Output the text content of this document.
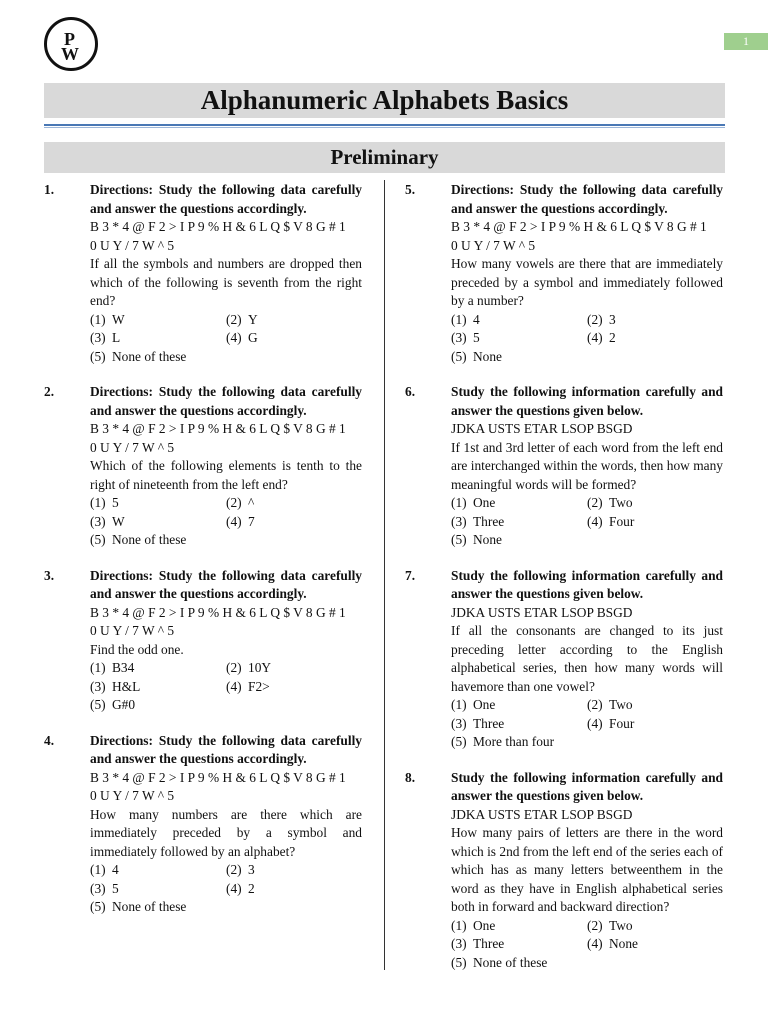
P
W
1
Alphanumeric Alphabets Basics
Preliminary
1.	Directions: Study the following data carefully and answer the questions accordingly.
B 3 * 4 @ F 2 > I P 9 % H & 6 L Q $ V 8 G # 1
0 U Y / 7 W ^ 5
If all the symbols and numbers are dropped then which of the following is seventh from the right end?
(1) W	(2) Y
(3) L	(4) G
(5) None of these
2.	Directions: Study the following data carefully and answer the questions accordingly.
B 3 * 4 @ F 2 > I P 9 % H & 6 L Q $ V 8 G # 1
0 U Y / 7 W ^ 5
Which of the following elements is tenth to the right of nineteenth from the left end?
(1) 5	(2) ^
(3) W	(4) 7
(5) None of these
3.	Directions: Study the following data carefully and answer the questions accordingly.
B 3 * 4 @ F 2 > I P 9 % H & 6 L Q $ V 8 G # 1
0 U Y / 7 W ^ 5
Find the odd one.
(1) B34	(2) 10Y
(3) H&L	(4) F2>
(5) G#0
4.	Directions: Study the following data carefully and answer the questions accordingly.
B 3 * 4 @ F 2 > I P 9 % H & 6 L Q $ V 8 G # 1
0 U Y / 7 W ^ 5
How many numbers are there which are immediately preceded by a symbol and immediately followed by an alphabet?
(1) 4	(2) 3
(3) 5	(4) 2
(5) None of these
5.	Directions: Study the following data carefully and answer the questions accordingly.
B 3 * 4 @ F 2 > I P 9 % H & 6 L Q $ V 8 G # 1
0 U Y / 7 W ^ 5
How many vowels are there that are immediately preceded by a symbol and immediately followed by a number?
(1) 4	(2) 3
(3) 5	(4) 2
(5) None
6.	Study the following information carefully and answer the questions given below.
JDKA USTS ETAR LSOP BSGD
If 1st and 3rd letter of each word from the left end are interchanged within the words, then how many meaningful words will be formed?
(1) One	(2) Two
(3) Three	(4) Four
(5) None
7.	Study the following information carefully and answer the questions given below.
JDKA USTS ETAR LSOP BSGD
If all the consonants are changed to its just preceding letter according to the English alphabetical series, then how many words will havemore than one vowel?
(1) One	(2) Two
(3) Three	(4) Four
(5) More than four
8.	Study the following information carefully and answer the questions given below.
JDKA USTS ETAR LSOP BSGD
How many pairs of letters are there in the word which is 2nd from the left end of the series each of which has as many letters betweenthem in the word as they have in English alphabetical series both in forward and backward direction?
(1) One	(2) Two
(3) Three	(4) None
(5) None of these
